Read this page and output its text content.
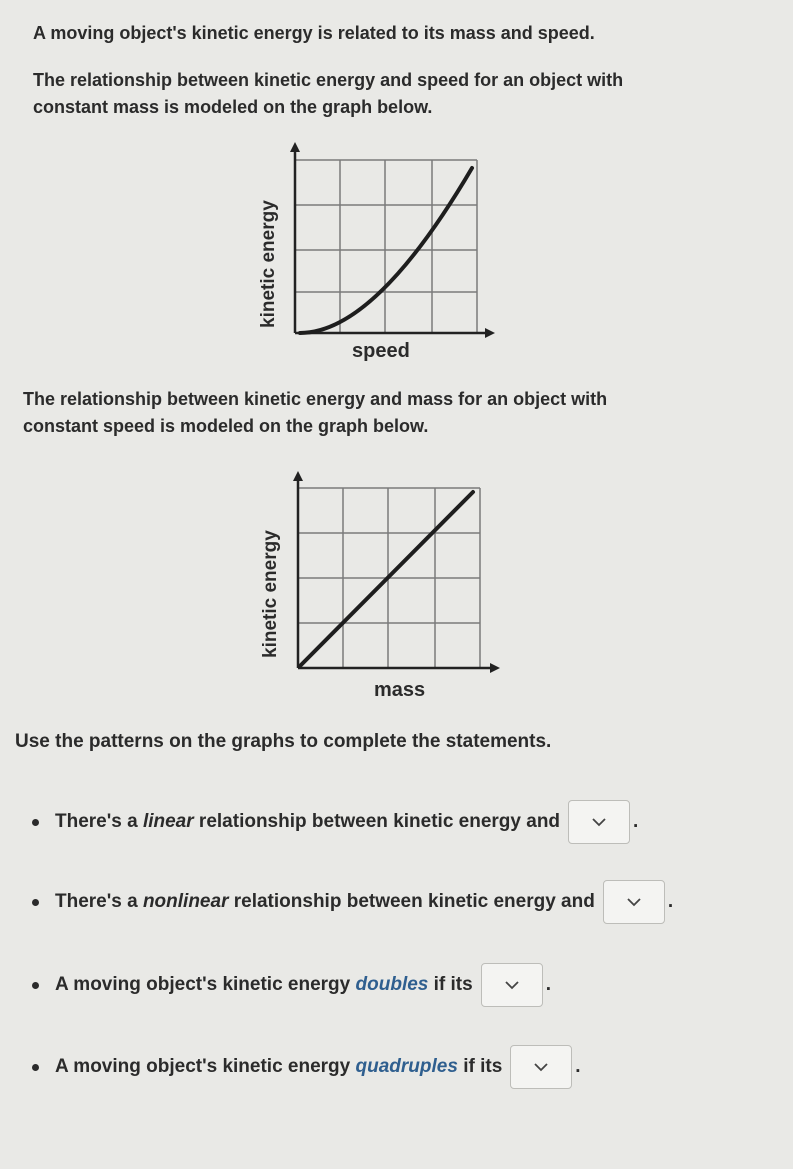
A moving object's kinetic energy is related to its mass and speed.

The relationship between kinetic energy and speed for an object with

constant mass is modeled on the graph below.

kinetic energy
speed

The relationship between kinetic energy and mass for an object with

constant speed is modeled on the graph below.

kinetic energy
mass

Use the patterns on the graphs to complete the statements.

There's a linear relationship between kinetic energy and	.
There's a nonlinear relationship between kinetic energy and	.
A moving object's kinetic energy doubles if its	.
A moving object's kinetic energy quadruples if its	.
